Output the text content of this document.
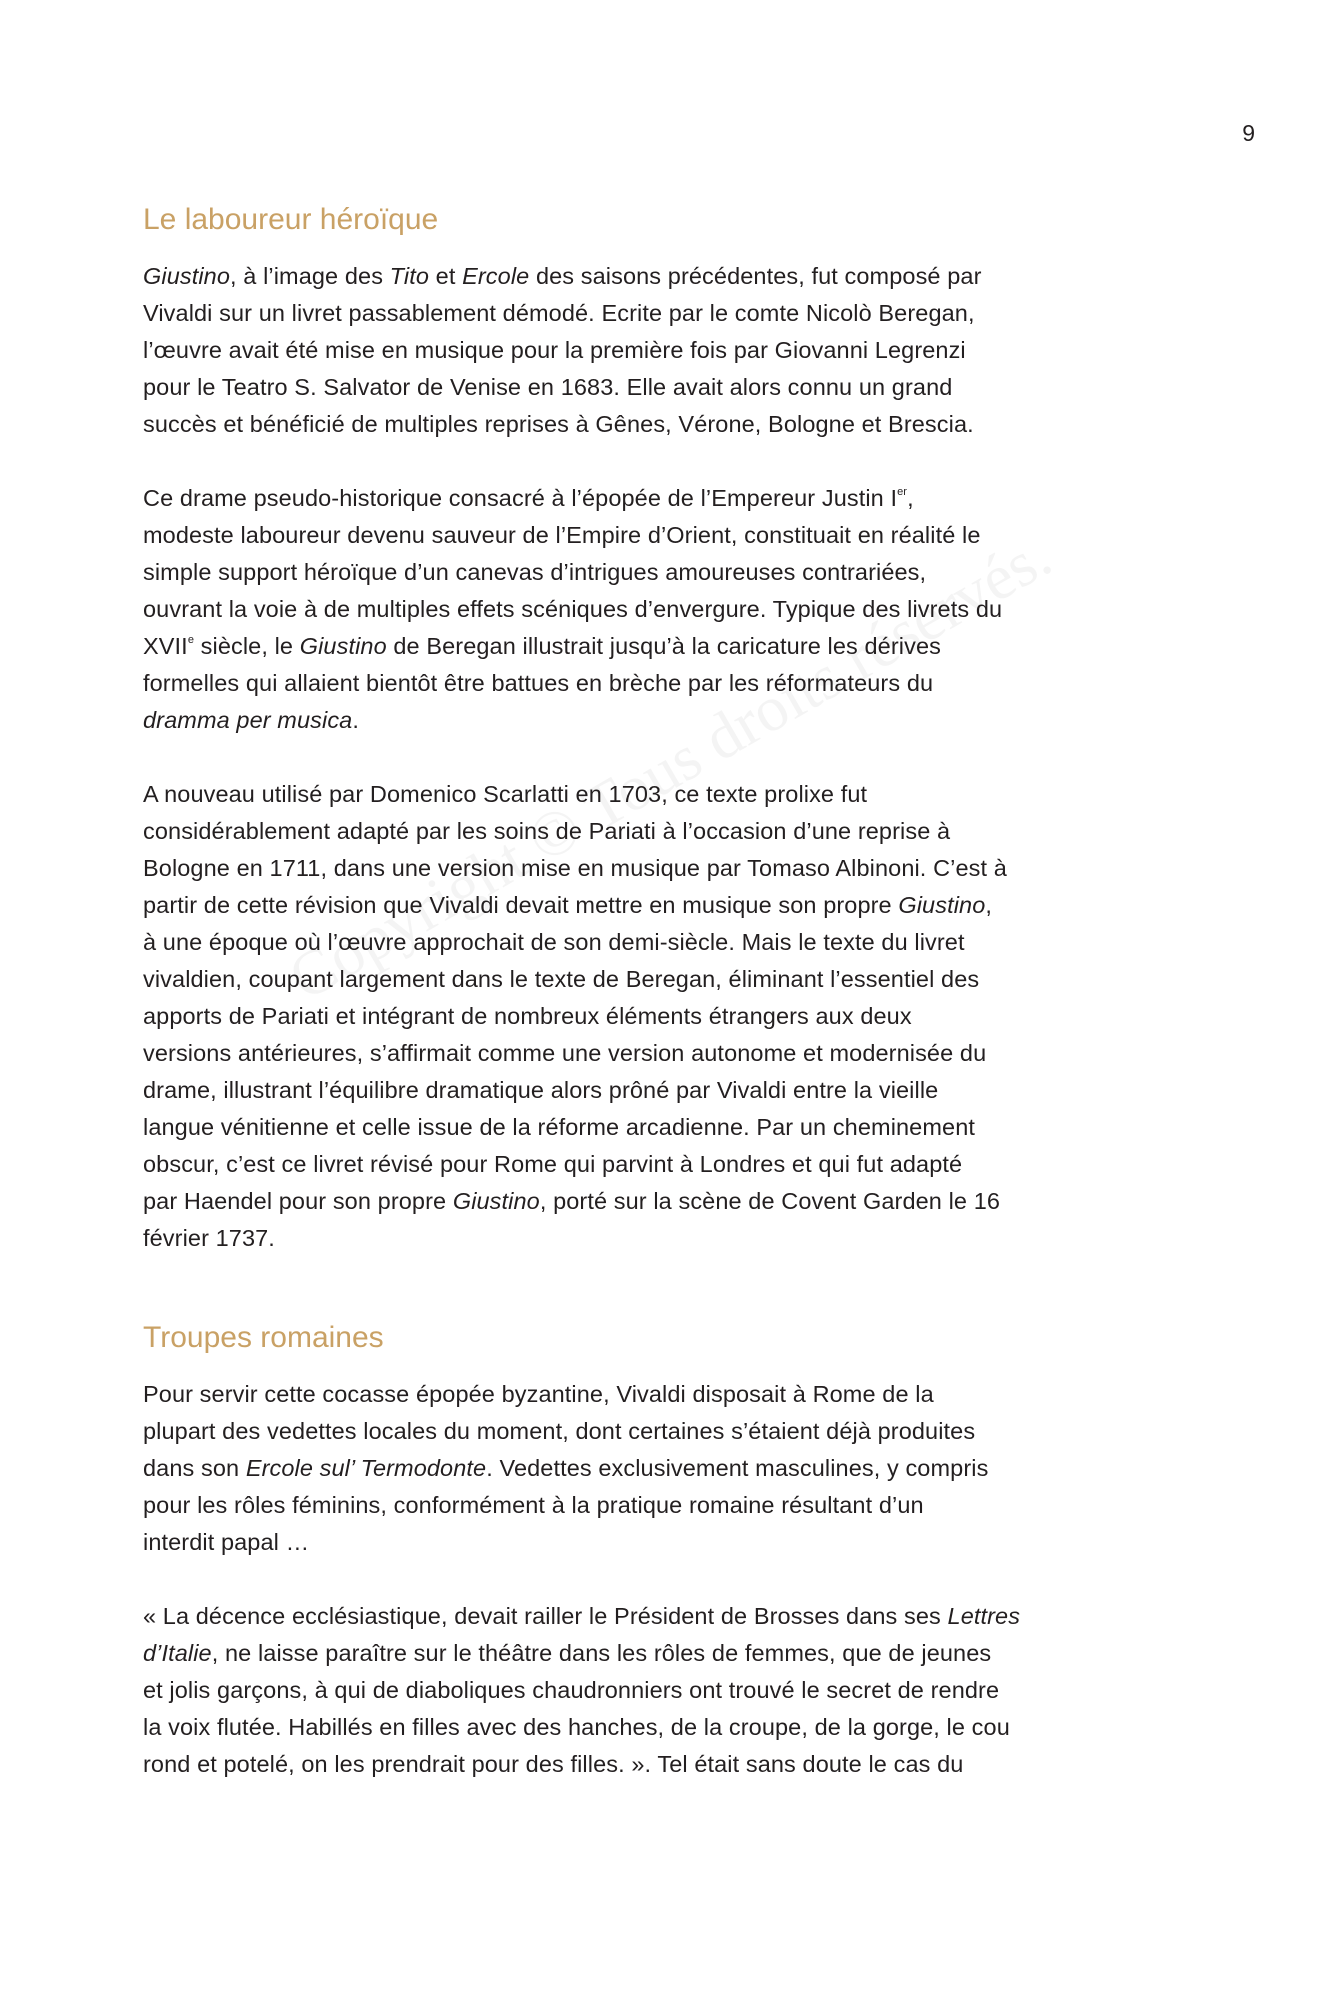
9
Le laboureur héroïque

Giustino, à l’image des Tito et Ercole des saisons précédentes, fut composé par
Vivaldi sur un livret passablement démodé. Ecrite par le comte Nicolò Beregan,
l’œuvre avait été mise en musique pour la première fois par Giovanni Legrenzi
pour le Teatro S. Salvator de Venise en 1683. Elle avait alors connu un grand
succès et bénéficié de multiples reprises à Gênes, Vérone, Bologne et Brescia.

Ce drame pseudo-historique consacré à l’épopée de l’Empereur Justin Ier,
modeste laboureur devenu sauveur de l’Empire d’Orient, constituait en réalité le
simple support héroïque d’un canevas d’intrigues amoureuses contrariées,
ouvrant la voie à de multiples effets scéniques d’envergure. Typique des livrets du
XVIIe siècle, le Giustino de Beregan illustrait jusqu’à la caricature les dérives
formelles qui allaient bientôt être battues en brèche par les réformateurs du
dramma per musica.

A nouveau utilisé par Domenico Scarlatti en 1703, ce texte prolixe fut
considérablement adapté par les soins de Pariati à l’occasion d’une reprise à
Bologne en 1711, dans une version mise en musique par Tomaso Albinoni. C’est à
partir de cette révision que Vivaldi devait mettre en musique son propre Giustino,
à une époque où l’œuvre approchait de son demi-siècle. Mais le texte du livret
vivaldien, coupant largement dans le texte de Beregan, éliminant l’essentiel des
apports de Pariati et intégrant de nombreux éléments étrangers aux deux
versions antérieures, s’affirmait comme une version autonome et modernisée du
drame, illustrant l’équilibre dramatique alors prôné par Vivaldi entre la vieille
langue vénitienne et celle issue de la réforme arcadienne. Par un cheminement
obscur, c’est ce livret révisé pour Rome qui parvint à Londres et qui fut adapté
par Haendel pour son propre Giustino, porté sur la scène de Covent Garden le 16
février 1737.

Troupes romaines

Pour servir cette cocasse épopée byzantine, Vivaldi disposait à Rome de la
plupart des vedettes locales du moment, dont certaines s’étaient déjà produites
dans son Ercole sul’ Termodonte. Vedettes exclusivement masculines, y compris
pour les rôles féminins, conformément à la pratique romaine résultant d’un
interdit papal …

« La décence ecclésiastique, devait railler le Président de Brosses dans ses Lettres
d’Italie, ne laisse paraître sur le théâtre dans les rôles de femmes, que de jeunes
et jolis garçons, à qui de diaboliques chaudronniers ont trouvé le secret de rendre
la voix flutée. Habillés en filles avec des hanches, de la croupe, de la gorge, le cou
rond et potelé, on les prendrait pour des filles. ». Tel était sans doute le cas du
